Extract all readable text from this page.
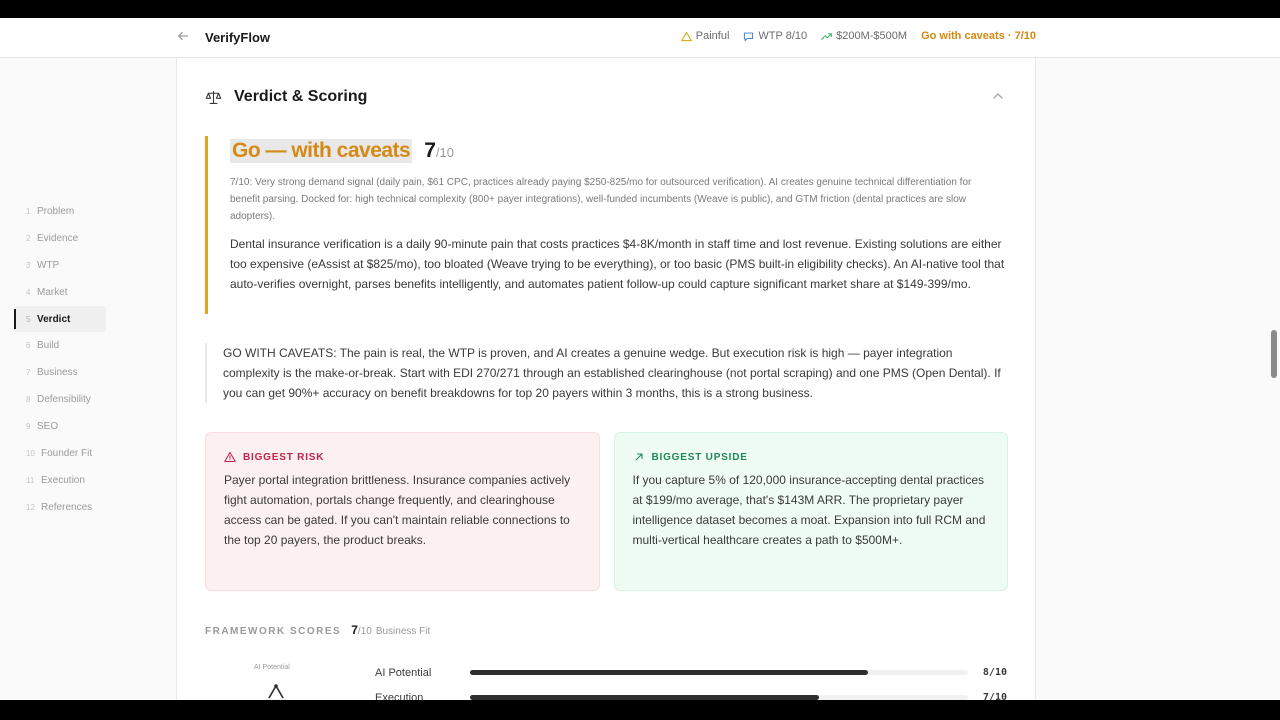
VerifyFlow	Painful	WTP 8/10	$200M-$500M Go with caveats · 7/10
1 Problem
2 Evidence
3 WTP
4 Market
5 Verdict
6 Build
7 Business
8 Defensibility
9 SEO
10 Founder Fit
11 Execution
12 References
Verdict & Scoring
Go — with caveats 7/10

7/10: Very strong demand signal (daily pain, $61 CPC, practices already paying $250-825/mo for outsourced verification). AI creates genuine technical differentiation for benefit parsing. Docked for: high technical complexity (800+ payer integrations), well-funded incumbents (Weave is public), and GTM friction (dental practices are slow adopters).

Dental insurance verification is a daily 90-minute pain that costs practices $4-8K/month in staff time and lost revenue. Existing solutions are either too expensive (eAssist at $825/mo), too bloated (Weave trying to be everything), or too basic (PMS built-in eligibility checks). An AI-native tool that auto-verifies overnight, parses benefits intelligently, and automates patient follow-up could capture significant market share at $149-399/mo.

GO WITH CAVEATS: The pain is real, the WTP is proven, and AI creates a genuine wedge. But execution risk is high — payer integration complexity is the make-or-break. Start with EDI 270/271 through an established clearinghouse (not portal scraping) and one PMS (Open Dental). If you can get 90%+ accuracy on benefit breakdowns for top 20 payers within 3 months, this is a strong business.

BIGGEST RISK

Payer portal integration brittleness. Insurance companies actively fight automation, portals change frequently, and clearinghouse access can be gated. If you can't maintain reliable connections to the top 20 payers, the product breaks.

BIGGEST UPSIDE

If you capture 5% of 120,000 insurance-accepting dental practices at $199/mo average, that's $143M ARR. The proprietary payer intelligence dataset becomes a moat. Expansion into full RCM and multi-vertical healthcare creates a path to $500M+.

FRAMEWORK SCORES 7/10 Business Fit
AI Potential	AI Potential	8/10
Execution	7/10
